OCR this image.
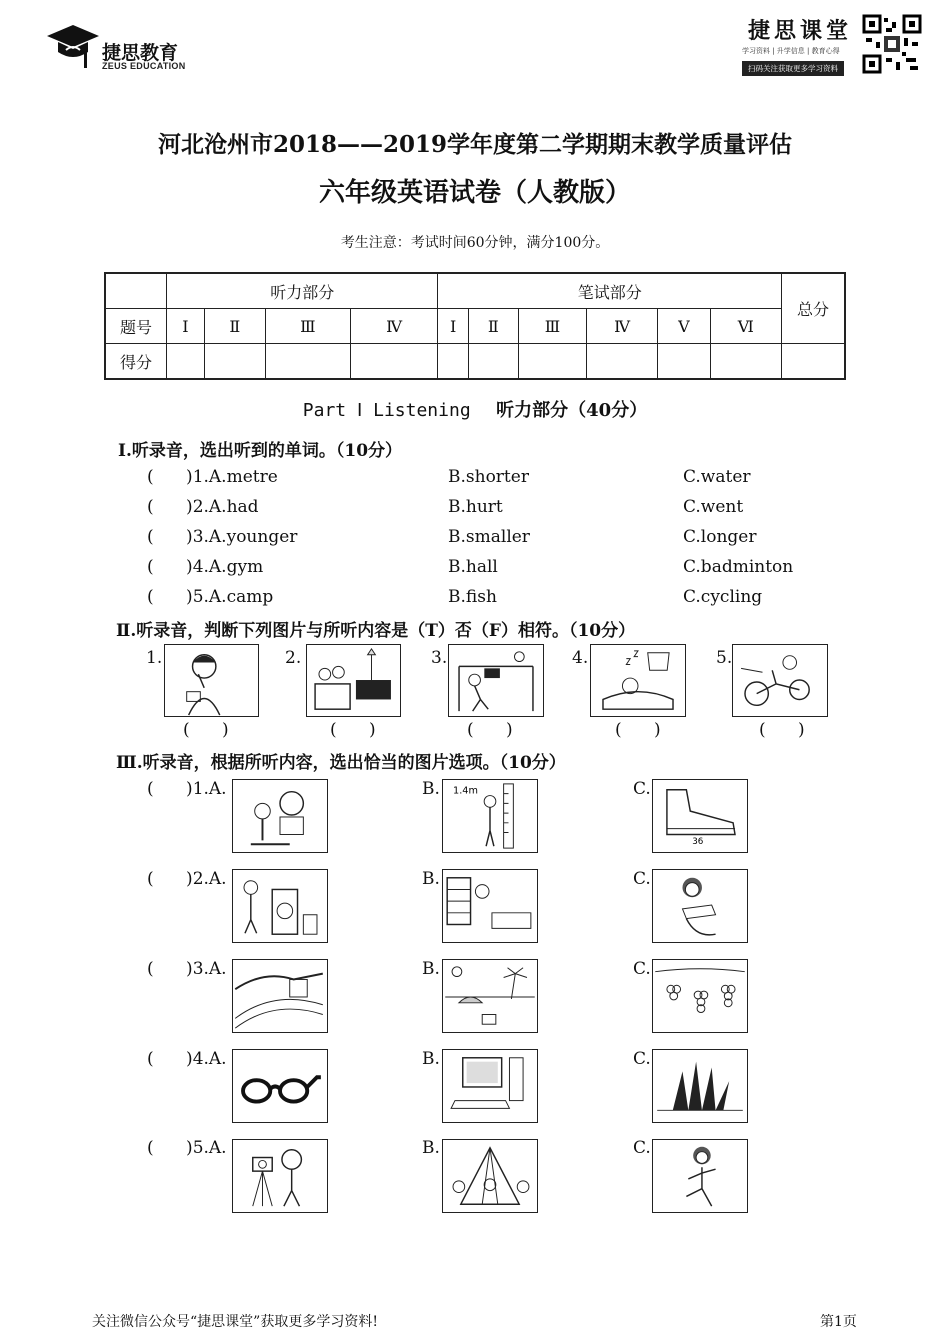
捷思教育
ZEUS EDUCATION
捷思课堂
学习资料 | 升学信息 | 教育心得
扫码关注获取更多学习资料
河北沧州市2018——2019学年度第二学期期末教学质量评估
六年级英语试卷（人教版）
考生注意：考试时间60分钟，满分100分。
	听力部分				笔试部分						总分
题号	Ⅰ	Ⅱ	Ⅲ	Ⅳ	Ⅰ	Ⅱ	Ⅲ	Ⅳ	Ⅴ	Ⅵ	
得分											
Part Ⅰ Listening 听力部分（40分）
Ⅰ.听录音，选出听到的单词。（10分）
(      )1.A.metre	B.shorter	C.water
(      )2.A.had	B.hurt	C.went
(      )3.A.younger	B.smaller	C.longer
(      )4.A.gym	B.hall	C.badminton
(      )5.A.camp	B.fish	C.cycling
Ⅱ.听录音，判断下列图片与所听内容是（T）否（F）相符。（10分）
1.
(      )
2.
(      )
3.
(      )
4.
(      )
5.
(      )
Ⅲ.听录音，根据所听内容，选出恰当的图片选项。（10分）
(      )1.A.	B. 1.4m	C.
36
(      )2.A.	B.	C.
(      )3.A.	B.	C.
(      )4.A.	B.	C.
(      )5.A.	B.	C.
关注微信公众号“捷思课堂”获取更多学习资料!	第1页
